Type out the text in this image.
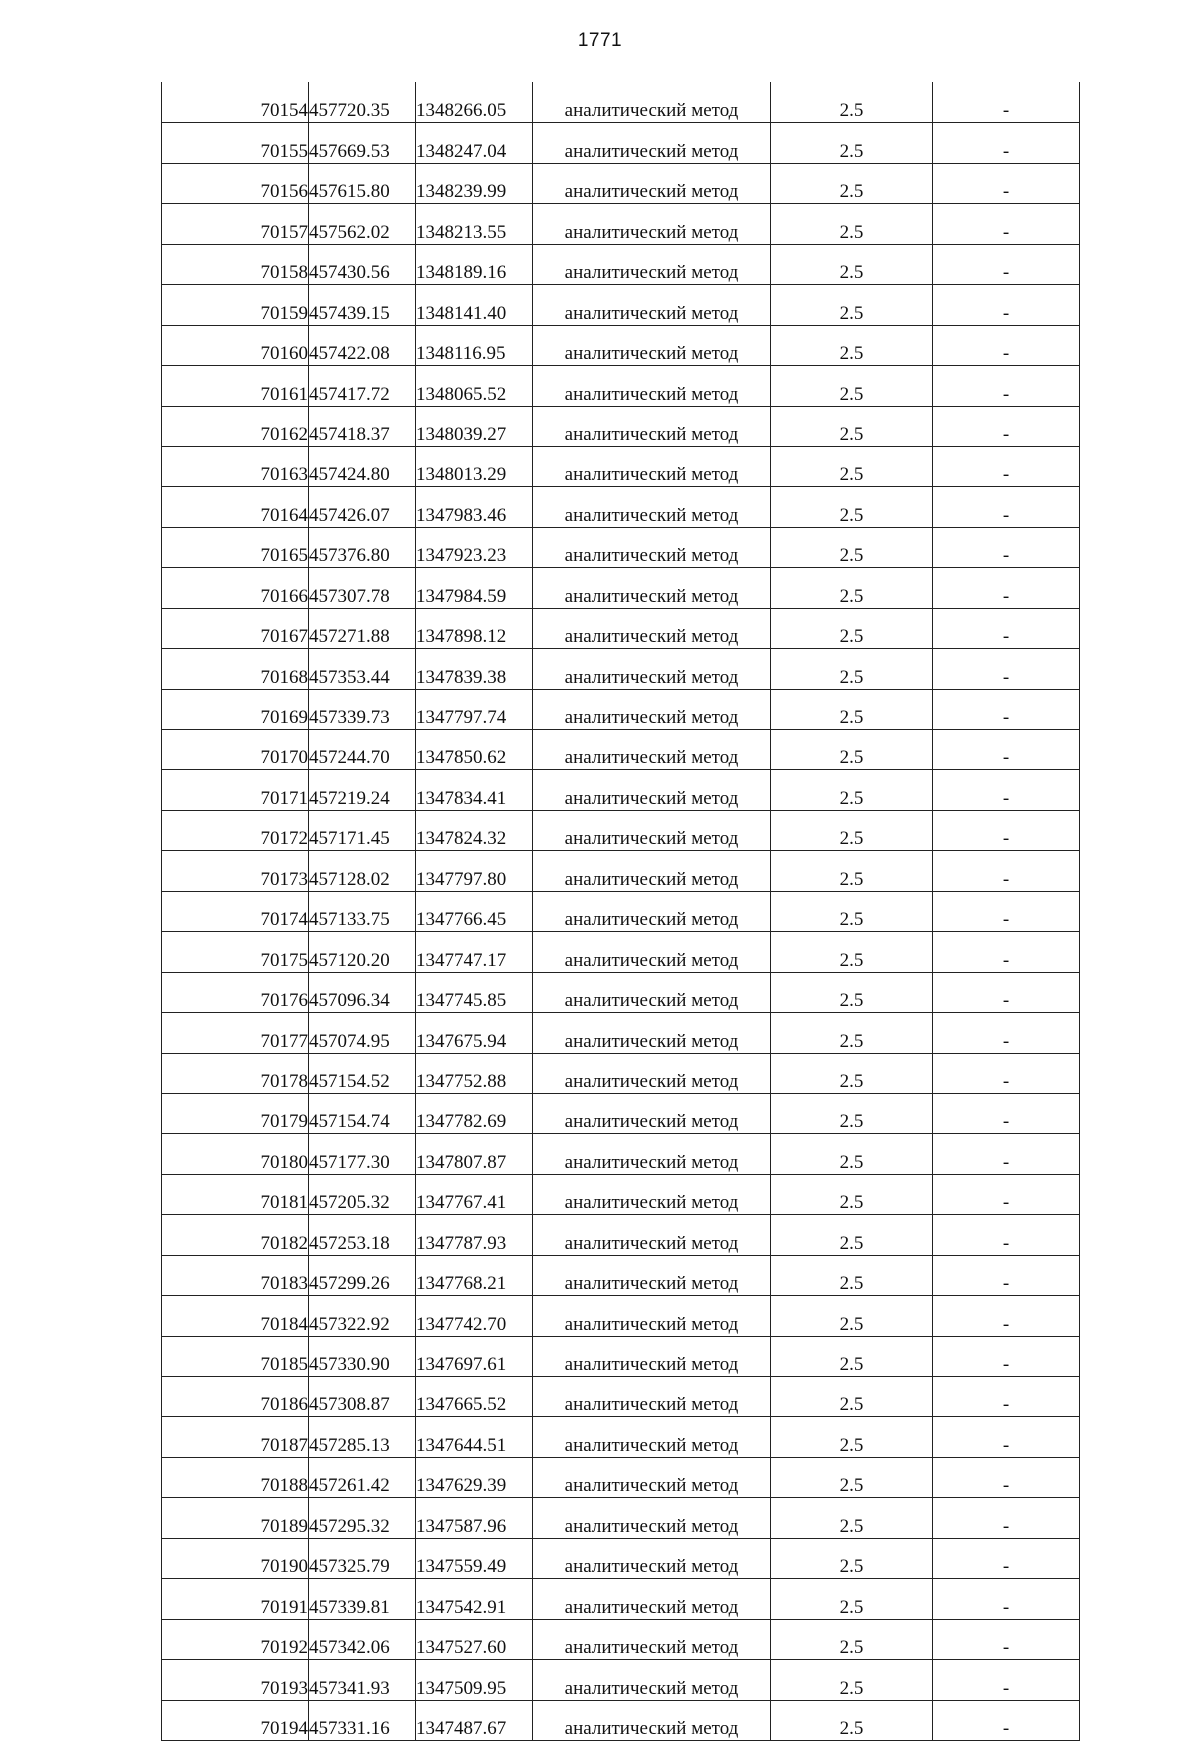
1771
70154	457720.35	1348266.05	аналитический метод	2.5	-
70155	457669.53	1348247.04	аналитический метод	2.5	-
70156	457615.80	1348239.99	аналитический метод	2.5	-
70157	457562.02	1348213.55	аналитический метод	2.5	-
70158	457430.56	1348189.16	аналитический метод	2.5	-
70159	457439.15	1348141.40	аналитический метод	2.5	-
70160	457422.08	1348116.95	аналитический метод	2.5	-
70161	457417.72	1348065.52	аналитический метод	2.5	-
70162	457418.37	1348039.27	аналитический метод	2.5	-
70163	457424.80	1348013.29	аналитический метод	2.5	-
70164	457426.07	1347983.46	аналитический метод	2.5	-
70165	457376.80	1347923.23	аналитический метод	2.5	-
70166	457307.78	1347984.59	аналитический метод	2.5	-
70167	457271.88	1347898.12	аналитический метод	2.5	-
70168	457353.44	1347839.38	аналитический метод	2.5	-
70169	457339.73	1347797.74	аналитический метод	2.5	-
70170	457244.70	1347850.62	аналитический метод	2.5	-
70171	457219.24	1347834.41	аналитический метод	2.5	-
70172	457171.45	1347824.32	аналитический метод	2.5	-
70173	457128.02	1347797.80	аналитический метод	2.5	-
70174	457133.75	1347766.45	аналитический метод	2.5	-
70175	457120.20	1347747.17	аналитический метод	2.5	-
70176	457096.34	1347745.85	аналитический метод	2.5	-
70177	457074.95	1347675.94	аналитический метод	2.5	-
70178	457154.52	1347752.88	аналитический метод	2.5	-
70179	457154.74	1347782.69	аналитический метод	2.5	-
70180	457177.30	1347807.87	аналитический метод	2.5	-
70181	457205.32	1347767.41	аналитический метод	2.5	-
70182	457253.18	1347787.93	аналитический метод	2.5	-
70183	457299.26	1347768.21	аналитический метод	2.5	-
70184	457322.92	1347742.70	аналитический метод	2.5	-
70185	457330.90	1347697.61	аналитический метод	2.5	-
70186	457308.87	1347665.52	аналитический метод	2.5	-
70187	457285.13	1347644.51	аналитический метод	2.5	-
70188	457261.42	1347629.39	аналитический метод	2.5	-
70189	457295.32	1347587.96	аналитический метод	2.5	-
70190	457325.79	1347559.49	аналитический метод	2.5	-
70191	457339.81	1347542.91	аналитический метод	2.5	-
70192	457342.06	1347527.60	аналитический метод	2.5	-
70193	457341.93	1347509.95	аналитический метод	2.5	-
70194	457331.16	1347487.67	аналитический метод	2.5	-
